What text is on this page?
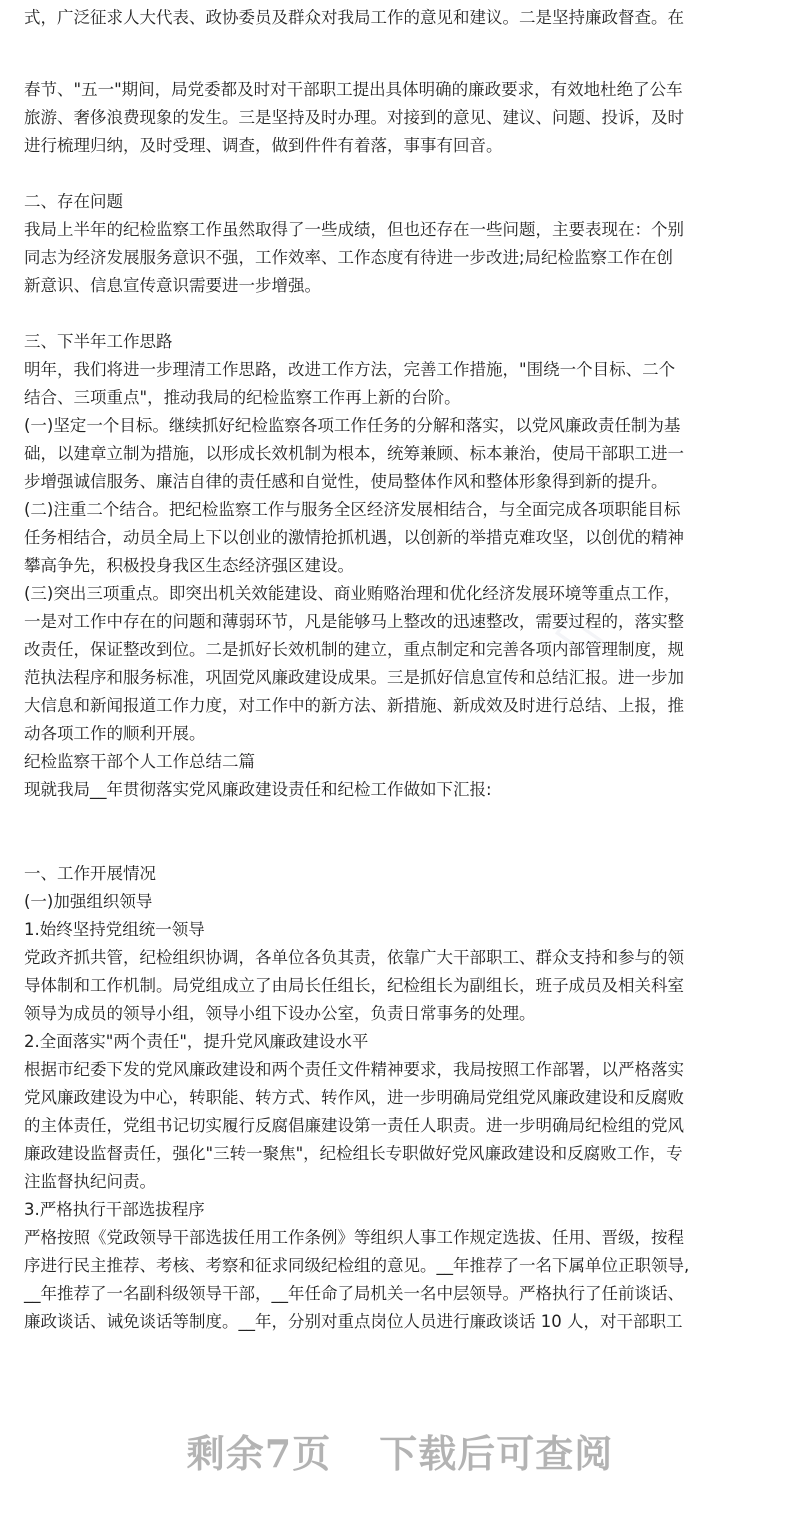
▯
式，广泛征求人大代表、政协委员及群众对我局工作的意见和建议。二是坚持廉政督查。在
春节、"五一"期间，局党委都及时对干部职工提出具体明确的廉政要求，有效地杜绝了公车
旅游、奢侈浪费现象的发生。三是坚持及时办理。对接到的意见、建议、问题、投诉，及时
进行梳理归纳，及时受理、调查，做到件件有着落，事事有回音。
二、存在问题
我局上半年的纪检监察工作虽然取得了一些成绩，但也还存在一些问题，主要表现在：个别
同志为经济发展服务意识不强，工作效率、工作态度有待进一步改进;局纪检监察工作在创
新意识、信息宣传意识需要进一步增强。
三、下半年工作思路
明年，我们将进一步理清工作思路，改进工作方法，完善工作措施，"围绕一个目标、二个
结合、三项重点"，推动我局的纪检监察工作再上新的台阶。
(一)坚定一个目标。继续抓好纪检监察各项工作任务的分解和落实，以党风廉政责任制为基
础，以建章立制为措施，以形成长效机制为根本，统筹兼顾、标本兼治，使局干部职工进一
步增强诚信服务、廉洁自律的责任感和自觉性，使局整体作风和整体形象得到新的提升。
(二)注重二个结合。把纪检监察工作与服务全区经济发展相结合，与全面完成各项职能目标
任务相结合，动员全局上下以创业的激情抢抓机遇，以创新的举措克难攻坚，以创优的精神
攀高争先，积极投身我区生态经济强区建设。
(三)突出三项重点。即突出机关效能建设、商业贿赂治理和优化经济发展环境等重点工作，
一是对工作中存在的问题和薄弱环节，凡是能够马上整改的迅速整改，需要过程的，落实整
改责任，保证整改到位。二是抓好长效机制的建立，重点制定和完善各项内部管理制度，规
范执法程序和服务标准，巩固党风廉政建设成果。三是抓好信息宣传和总结汇报。进一步加
大信息和新闻报道工作力度，对工作中的新方法、新措施、新成效及时进行总结、上报，推
动各项工作的顺利开展。
纪检监察干部个人工作总结二篇
现就我局__年贯彻落实党风廉政建设责任和纪检工作做如下汇报:
一、工作开展情况
(一)加强组织领导
1.始终坚持党组统一领导
党政齐抓共管，纪检组织协调，各单位各负其责，依靠广大干部职工、群众支持和参与的领
导体制和工作机制。局党组成立了由局长任组长，纪检组长为副组长，班子成员及相关科室
领导为成员的领导小组，领导小组下设办公室，负责日常事务的处理。
2.全面落实"两个责任"，提升党风廉政建设水平
根据市纪委下发的党风廉政建设和两个责任文件精神要求，我局按照工作部署，以严格落实
党风廉政建设为中心，转职能、转方式、转作风，进一步明确局党组党风廉政建设和反腐败
的主体责任，党组书记切实履行反腐倡廉建设第一责任人职责。进一步明确局纪检组的党风
廉政建设监督责任，强化"三转一聚焦"，纪检组长专职做好党风廉政建设和反腐败工作，专
注监督执纪问责。
3.严格执行干部选拔程序
严格按照《党政领导干部选拔任用工作条例》等组织人事工作规定选拔、任用、晋级，按程
序进行民主推荐、考核、考察和征求同级纪检组的意见。__年推荐了一名下属单位正职领导,
__年推荐了一名副科级领导干部，__年任命了局机关一名中层领导。严格执行了任前谈话、
廉政谈话、诫免谈话等制度。__年，分别对重点岗位人员进行廉政谈话 10 人，对干部职工
剩余7页 下载后可查阅
